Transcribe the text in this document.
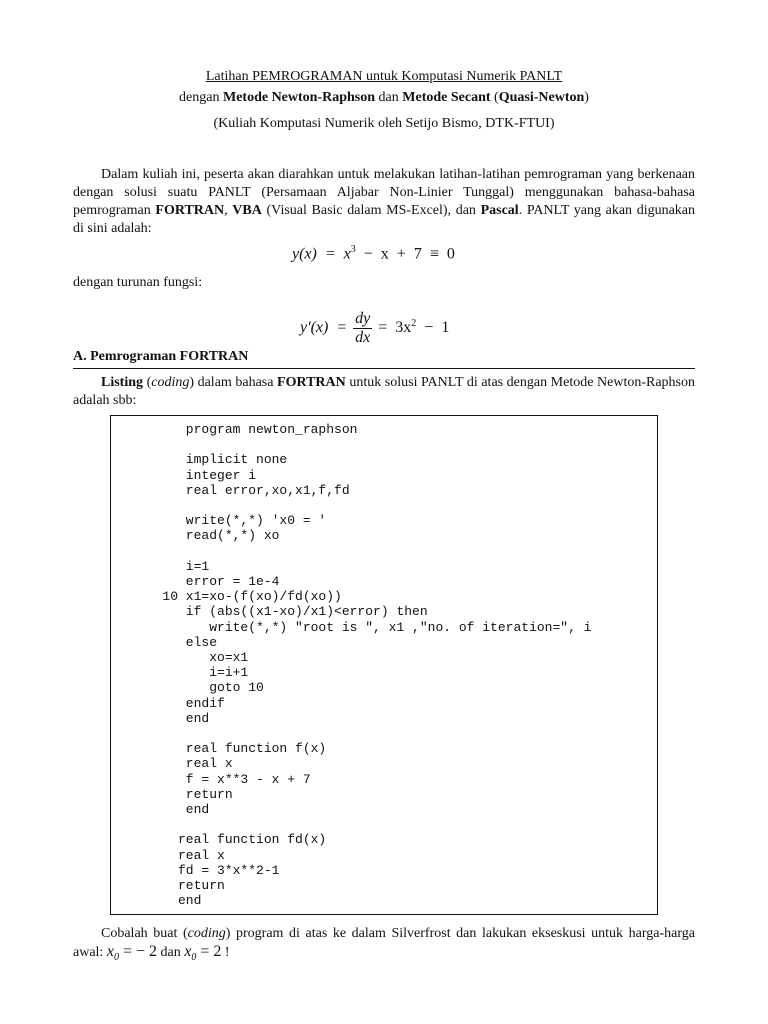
Latihan PEMROGRAMAN untuk Komputasi Numerik PANLT
dengan Metode Newton-Raphson dan Metode Secant (Quasi-Newton)
(Kuliah Komputasi Numerik oleh Setijo Bismo, DTK-FTUI)
Dalam kuliah ini, peserta akan diarahkan untuk melakukan latihan-latihan pemrograman yang berkenaan dengan solusi suatu PANLT (Persamaan Aljabar Non-Linier Tunggal) menggunakan bahasa-bahasa pemrograman FORTRAN, VBA (Visual Basic dalam MS-Excel), dan Pascal. PANLT yang akan digunakan di sini adalah:
$y(x) = x^3 - x + 7 \equiv 0$
dengan turunan fungsi:
$y'(x) = \frac{dy}{dx} = 3x^2 - 1$
A. Pemrograman FORTRAN
Listing (coding) dalam bahasa FORTRAN untuk solusi PANLT di atas dengan Metode Newton-Raphson adalah sbb:
program newton_raphson

implicit none
integer i
real error,xo,x1,f,fd

write(*,*) 'x0 = '
read(*,*) xo

i=1
error = 1e-4
10 x1=xo-(f(xo)/fd(xo))
if (abs((x1-xo)/x1)<error) then
write(*,*) "root is ", x1 ,"no. of iteration=", i
else
xo=x1
i=i+1
goto 10
endif
end

real function f(x)
real x
f = x**3 - x + 7
return
end

real function fd(x)
real x
fd = 3*x**2-1
return
end
Cobalah buat (coding) program di atas ke dalam Silverfrost dan lakukan ekseskusi untuk harga-harga awal: $x_0$ = − 2 dan $x_0 = 2$ !
